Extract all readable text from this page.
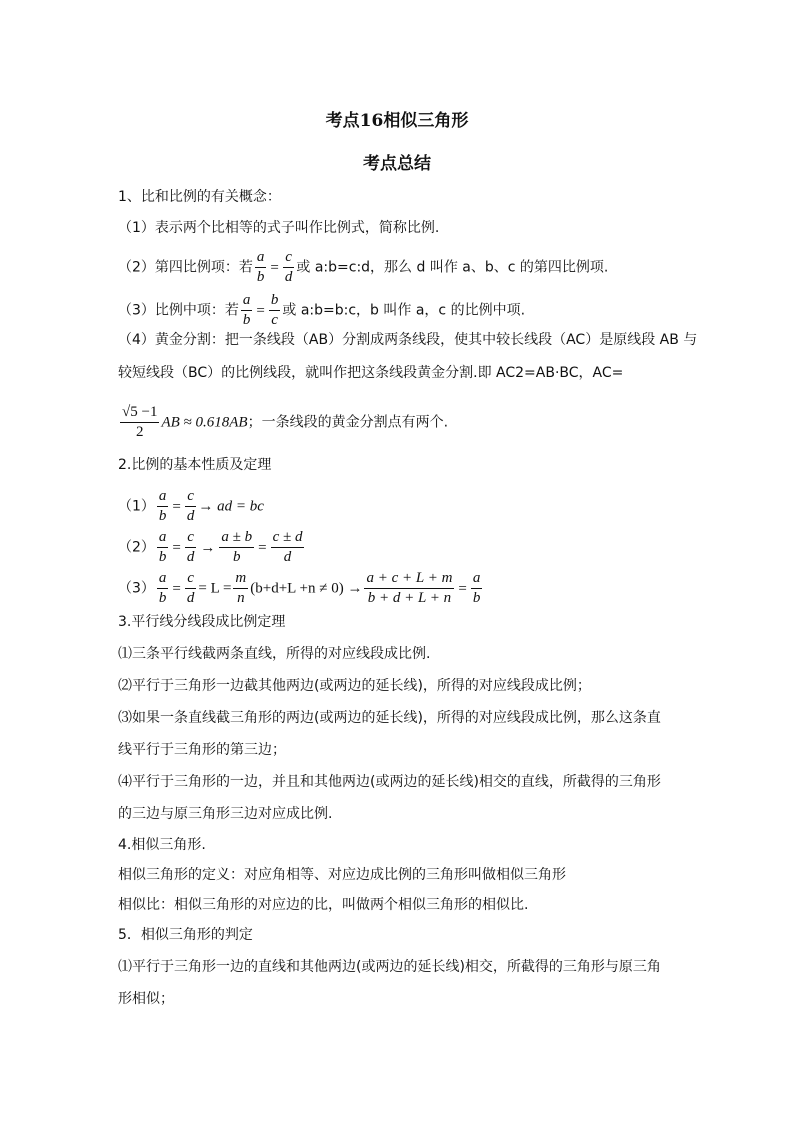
考点16相似三角形
考点总结
1、比和比例的有关概念：
（1）表示两个比相等的式子叫作比例式，简称比例.
（2）第四比例项：若 $\frac{a}{b} = \frac{c}{d}$ 或 a:b=c:d，那么 d 叫作 a、b、c 的第四比例项.
（3）比例中项：若 $\frac{a}{b} = \frac{b}{c}$ 或 a:b=b:c，b 叫作 a，c 的比例中项.
（4）黄金分割：把一条线段（AB）分割成两条线段，使其中较长线段（AC）是原线段 AB 与
较短线段（BC）的比例线段，就叫作把这条线段黄金分割.即 AC2=AB·BC，AC=
$\frac{√5 -1}{2}$ AB ≈ 0.618AB；一条线段的黄金分割点有两个.
2.比例的基本性质及定理
$(1) \frac{a}{b} = \frac{c}{d}$ → ad = bc
$(2) \frac{a}{b} = \frac{c}{d} \to \frac{a \pm b}{b} = \frac{c \pm d}{d}$
$(3) \frac{a}{b} = \frac{c}{d} = L = \frac{m}{n} (b+d+L +n \ne 0) \to \frac{a + c + L + m}{b + d + L + n} = \frac{a}{b}$
3.平行线分线段成比例定理
⑴三条平行线截两条直线，所得的对应线段成比例.
⑵平行于三角形一边截其他两边(或两边的延长线)，所得的对应线段成比例；
⑶如果一条直线截三角形的两边(或两边的延长线)，所得的对应线段成比例，那么这条直
线平行于三角形的第三边；
⑷平行于三角形的一边，并且和其他两边(或两边的延长线)相交的直线，所截得的三角形
的三边与原三角形三边对应成比例.
4.相似三角形.
相似三角形的定义：对应角相等、对应边成比例的三角形叫做相似三角形
相似比：相似三角形的对应边的比，叫做两个相似三角形的相似比.
5．相似三角形的判定
⑴平行于三角形一边的直线和其他两边(或两边的延长线)相交，所截得的三角形与原三角
形相似；
